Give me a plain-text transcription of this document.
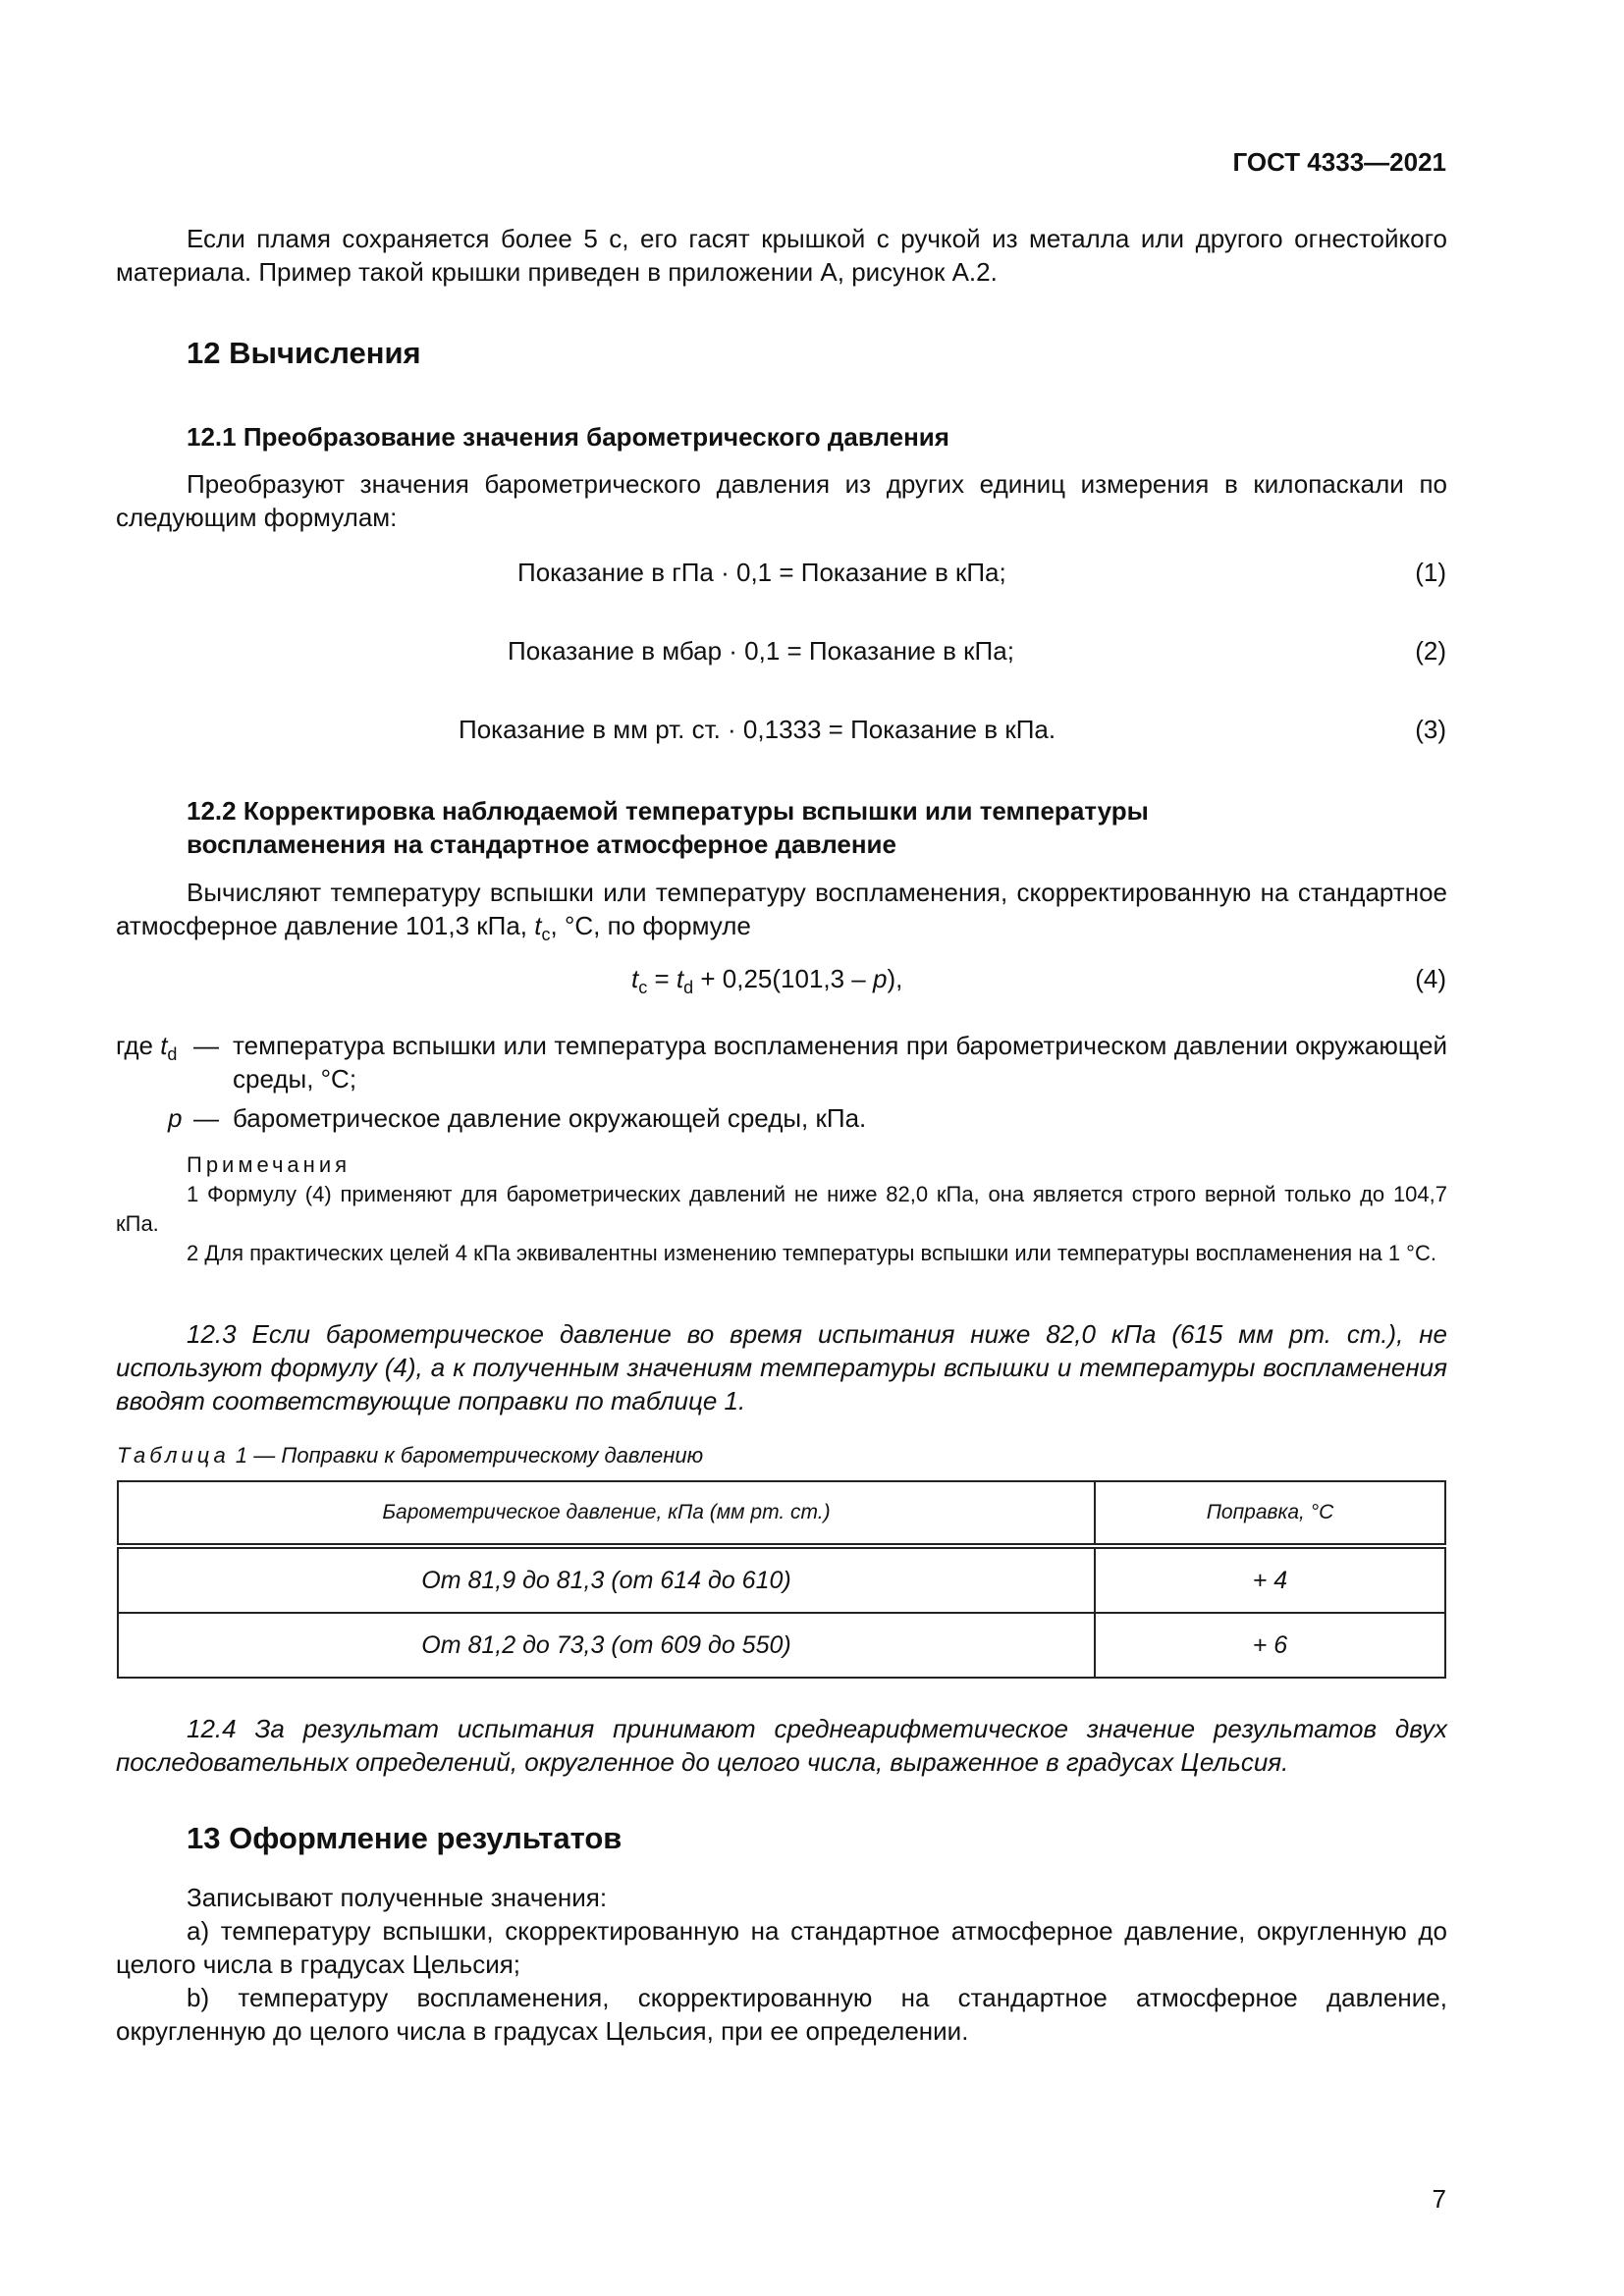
ГОСТ 4333—2021

Если пламя сохраняется более 5 с, его гасят крышкой с ручкой из металла или другого огнестойкого материала. Пример такой крышки приведен в приложении А, рисунок А.2.

12 Вычисления
12.1 Преобразование значения барометрического давления

Преобразуют значения барометрического давления из других единиц измерения в килопаскали по следующим формулам:

Показание в гПа · 0,1 = Показание в кПа;	(1)
Показание в мбар · 0,1 = Показание в кПа;	(2)
Показание в мм рт. ст. · 0,1333 = Показание в кПа.	(3)
12.2 Корректировка наблюдаемой температуры вспышки или температуры
воспламенения на стандартное атмосферное давление

Вычисляют температуру вспышки или температуру воспламенения, скорректированную на стандартное атмосферное давление 101,3 кПа, $t_c$, °С, по формуле

$t_c = t_d + 0,25(101,3 - p)$,	(4)
где $t_d$ — температура вспышки или температура воспламенения при барометрическом давлении окружающей среды, °С;
p — барометрическое давление окружающей среды, кПа.
Примечания

1 Формулу (4) применяют для барометрических давлений не ниже 82,0 кПа, она является строго верной только до 104,7 кПа.

2 Для практических целей 4 кПа эквивалентны изменению температуры вспышки или температуры воспламенения на 1 °С.

12.3 Если барометрическое давление во время испытания ниже 82,0 кПа (615 мм рт. ст.), не используют формулу (4), а к полученным значениям температуры вспышки и температуры воспламенения вводят соответствующие поправки по таблице 1.

Таблица 1 — Поправки к барометрическому давлению
Барометрическое давление, кПа (мм рт. ст.)	Поправка, °С
От 81,9 до 81,3 (от 614 до 610)	+ 4
От 81,2 до 73,3 (от 609 до 550)	+ 6

12.4 За результат испытания принимают среднеарифметическое значение результатов двух последовательных определений, округленное до целого числа, выраженное в градусах Цельсия.

13 Оформление результатов

Записывают полученные значения:

а) температуру вспышки, скорректированную на стандартное атмосферное давление, округленную до целого числа в градусах Цельсия;

b) температуру воспламенения, скорректированную на стандартное атмосферное давление, округленную до целого числа в градусах Цельсия, при ее определении.

7
